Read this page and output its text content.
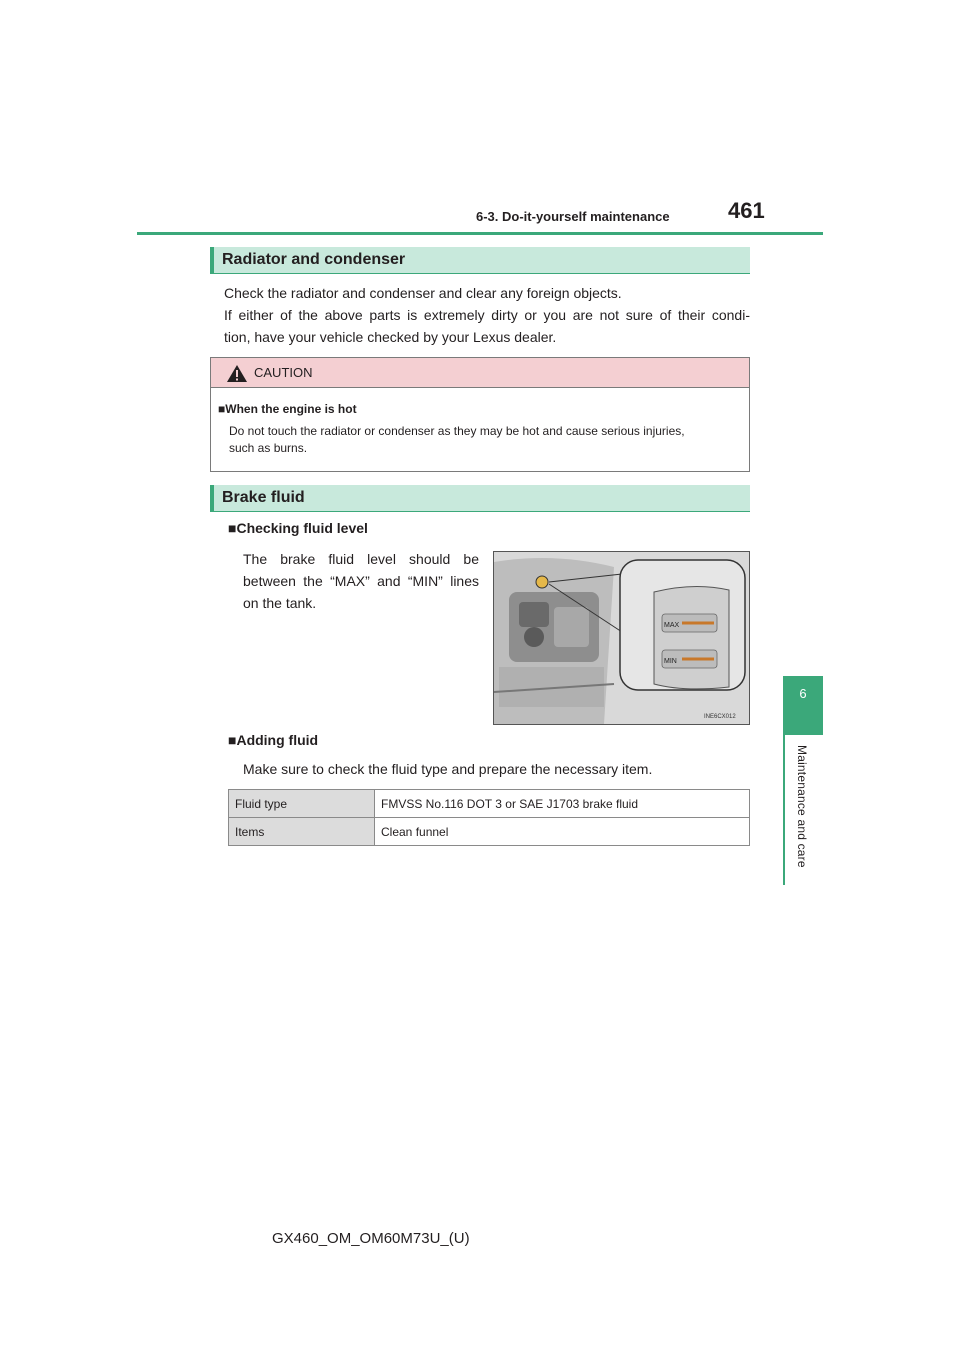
6-3. Do-it-yourself maintenance	461
6
Maintenance and care
Radiator and condenser
Check the radiator and condenser and clear any foreign objects.
If either of the above parts is extremely dirty or you are not sure of their condi-
tion, have your vehicle checked by your Lexus dealer.
CAUTION
■When the engine is hot
Do not touch the radiator or condenser as they may be hot and cause serious injuries,
such as burns.
Brake fluid
■Checking fluid level
The brake fluid level should be
between the “MAX” and “MIN” lines
on the tank.
MAX
MIN
INE6CX012
■Adding fluid
Make sure to check the fluid type and prepare the necessary item.
Fluid type	FMVSS No.116 DOT 3 or SAE J1703 brake fluid
Items	Clean funnel
GX460_OM_OM60M73U_(U)
